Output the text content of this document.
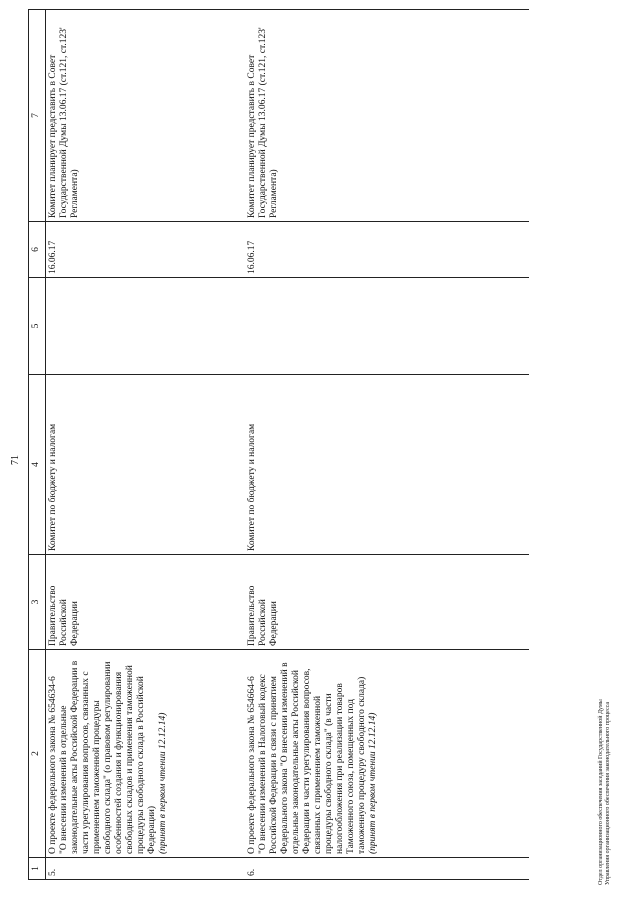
71
1	2	3	4	5	6	7
5.	О проекте федерального закона № 654634-6
"О внесении изменений в отдельные законодательные акты Российской Федерации в части урегулирования вопросов, связанных с применением таможенной процедуры свободного склада" (о правовом регулировании особенностей создания и функционирования свободных складов и применения таможенной процедуры свободного склада в Российской Федерации)
(принят в первом чтении 12.12.14)	Правительство Российской Федерации	Комитет по бюджету и налогам		16.06.17	Комитет планирует представить в Совет Государственной Думы 13.06.17 (ст.121, ст.123' Регламента)
6.	О проекте федерального закона № 654664-6
"О внесении изменений в Налоговый кодекс Российской Федерации в связи с принятием Федерального закона "О внесении изменений в отдельные законодательные акты Российской Федерации в части урегулирования вопросов, связанных с применением таможенной процедуры свободного склада" (в части налогообложения при реализации товаров Таможенного союза, помещенных под таможенную процедуру свободного склада)
(принят в первом чтении 12.12.14)	Правительство Российской Федерации	Комитет по бюджету и налогам		16.06.17	Комитет планирует представить в Совет Государственной Думы 13.06.17 (ст.121, ст.123' Регламента)
Отдел организационного обеспечения заседаний Государственной Думы Управления организационного обеспечения законодательного процесса
